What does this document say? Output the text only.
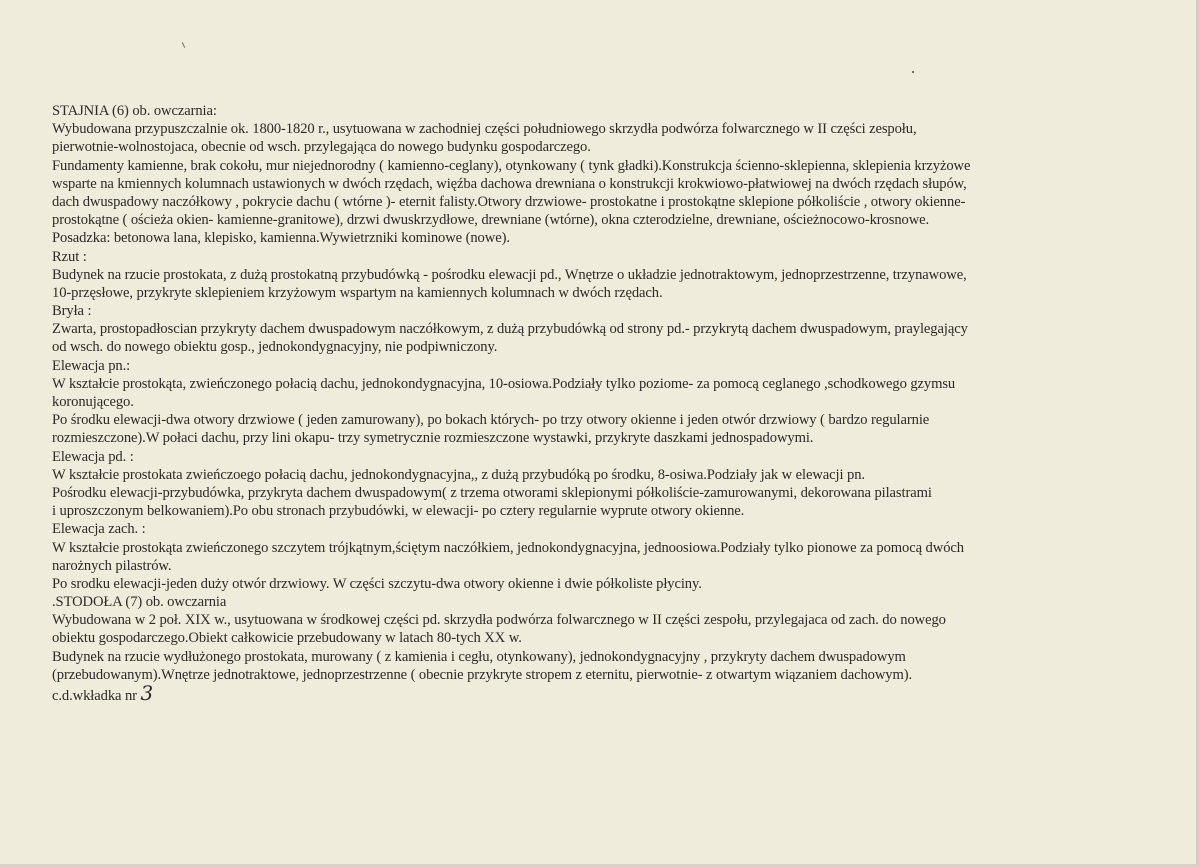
STAJNIA (6) ob. owczarnia:
Wybudowana przypuszczalnie ok. 1800-1820 r., usytuowana w zachodniej części południowego skrzydła podwórza folwarcznego w II części zespołu,
pierwotnie-wolnostojaca, obecnie od wsch. przylegająca do nowego budynku gospodarczego.
Fundamenty kamienne, brak cokołu, mur niejednorodny ( kamienno-ceglany), otynkowany ( tynk gładki).Konstrukcja ścienno-sklepienna, sklepienia krzyżowe
wsparte na kmiennych kolumnach ustawionych w dwóch rzędach, więźba dachowa drewniana o konstrukcji krokwiowo-płatwiowej na dwóch rzędach słupów,
dach dwuspadowy naczółkowy , pokrycie dachu ( wtórne )- eternit falisty.Otwory drzwiowe- prostokatne i prostokątne sklepione półkoliście , otwory okienne-
prostokątne ( ościeża okien- kamienne-granitowe), drzwi dwuskrzydłowe, drewniane (wtórne), okna czterodzielne, drewniane, ościeżnocowo-krosnowe.
Posadzka: betonowa lana, klepisko, kamienna.Wywietrzniki kominowe (nowe).
Rzut :
Budynek na rzucie prostokata, z dużą prostokatną przybudówką - pośrodku elewacji pd., Wnętrze o układzie jednotraktowym, jednoprzestrzenne, trzynawowe,
10-przęsłowe, przykryte sklepieniem krzyżowym wspartym na kamiennych kolumnach w dwóch rzędach.
Bryła :
Zwarta, prostopadłoscian przykryty dachem dwuspadowym naczółkowym, z dużą przybudówką od strony pd.- przykrytą dachem dwuspadowym, praylegający
od wsch. do nowego obiektu gosp., jednokondygnacyjny, nie podpiwniczony.
Elewacja pn.:
W kształcie prostokąta, zwieńczonego połacią dachu, jednokondygnacyjna, 10-osiowa.Podziały tylko poziome- za pomocą ceglanego ,schodkowego gzymsu
koronującego.
Po środku elewacji-dwa otwory drzwiowe ( jeden zamurowany), po bokach których- po trzy otwory okienne i jeden otwór drzwiowy ( bardzo regularnie
rozmieszczone).W połaci dachu, przy lini okapu- trzy symetrycznie rozmieszczone wystawki, przykryte daszkami jednospadowymi.
Elewacja pd. :
W kształcie prostokata zwieńczoego połacią dachu, jednokondygnacyjna,, z dużą przybudóką po środku, 8-osiwa.Podziały jak w elewacji pn.
Pośrodku elewacji-przybudówka, przykryta dachem dwuspadowym( z trzema otworami sklepionymi półkoliście-zamurowanymi, dekorowana pilastrami
i uproszczonym belkowaniem).Po obu stronach przybudówki, w elewacji- po cztery regularnie wyprute otwory okienne.
Elewacja zach. :
W kształcie prostokąta zwieńczonego szczytem trójkątnym,ściętym naczółkiem, jednokondygnacyjna, jednoosiowa.Podziały tylko pionowe za pomocą dwóch
narożnych pilastrów.
Po srodku elewacji-jeden duży otwór drzwiowy. W części szczytu-dwa otwory okienne i dwie półkoliste płyciny.
.STODOŁA (7) ob. owczarnia
Wybudowana w 2 poł. XIX w., usytuowana w środkowej części pd. skrzydła podwórza folwarcznego w II części zespołu, przylegajaca od zach. do nowego
obiektu gospodarczego.Obiekt całkowicie przebudowany w latach 80-tych XX w.
Budynek na rzucie wydłużonego prostokata, murowany ( z kamienia i cegłu, otynkowany), jednokondygnacyjny , przykryty dachem dwuspadowym
(przebudowanym).Wnętrze jednotraktowe, jednoprzestrzenne ( obecnie przykryte stropem z eternitu, pierwotnie- z otwartym wiązaniem dachowym).
c.d.wkładka nr 3
